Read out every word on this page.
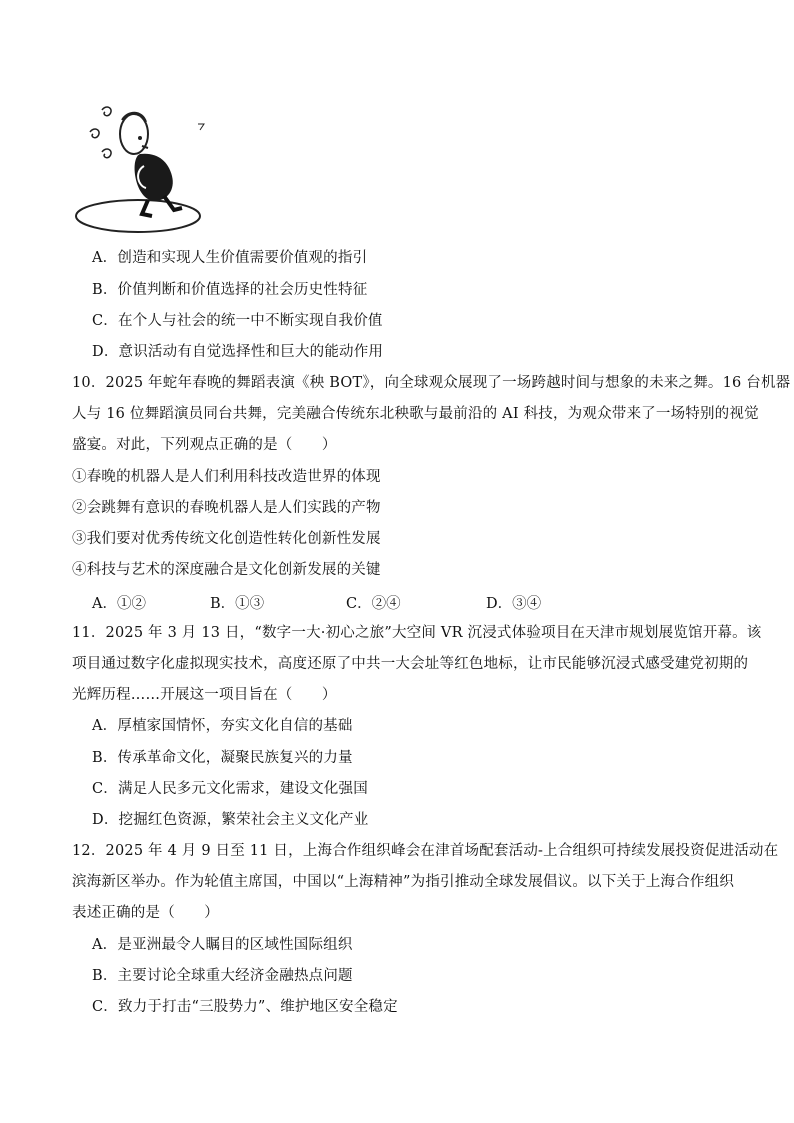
A．创造和实现人生价值需要价值观的指引
B．价值判断和价值选择的社会历史性特征
C．在个人与社会的统一中不断实现自我价值
D．意识活动有自觉选择性和巨大的能动作用
10．2025 年蛇年春晚的舞蹈表演《秧 BOT》，向全球观众展现了一场跨越时间与想象的未来之舞。16 台机器
人与 16 位舞蹈演员同台共舞，完美融合传统东北秧歌与最前沿的 AI 科技，为观众带来了一场特别的视觉
盛宴。对此，下列观点正确的是（　　）
①春晚的机器人是人们利用科技改造世界的体现
②会跳舞有意识的春晚机器人是人们实践的产物
③我们要对优秀传统文化创造性转化创新性发展
④科技与艺术的深度融合是文化创新发展的关键
A．①②	B．①③	C．②④	D．③④
11．2025 年 3 月 13 日，“数字一大·初心之旅”大空间 VR 沉浸式体验项目在天津市规划展览馆开幕。该
项目通过数字化虚拟现实技术，高度还原了中共一大会址等红色地标，让市民能够沉浸式感受建党初期的
光辉历程……开展这一项目旨在（　　）
A．厚植家国情怀，夯实文化自信的基础
B．传承革命文化，凝聚民族复兴的力量
C．满足人民多元文化需求，建设文化强国
D．挖掘红色资源，繁荣社会主义文化产业
12．2025 年 4 月 9 日至 11 日，上海合作组织峰会在津首场配套活动-上合组织可持续发展投资促进活动在
滨海新区举办。作为轮值主席国，中国以“上海精神”为指引推动全球发展倡议。以下关于上海合作组织
表述正确的是（　　）
A．是亚洲最令人瞩目的区域性国际组织
B．主要讨论全球重大经济金融热点问题
C．致力于打击“三股势力”、维护地区安全稳定
